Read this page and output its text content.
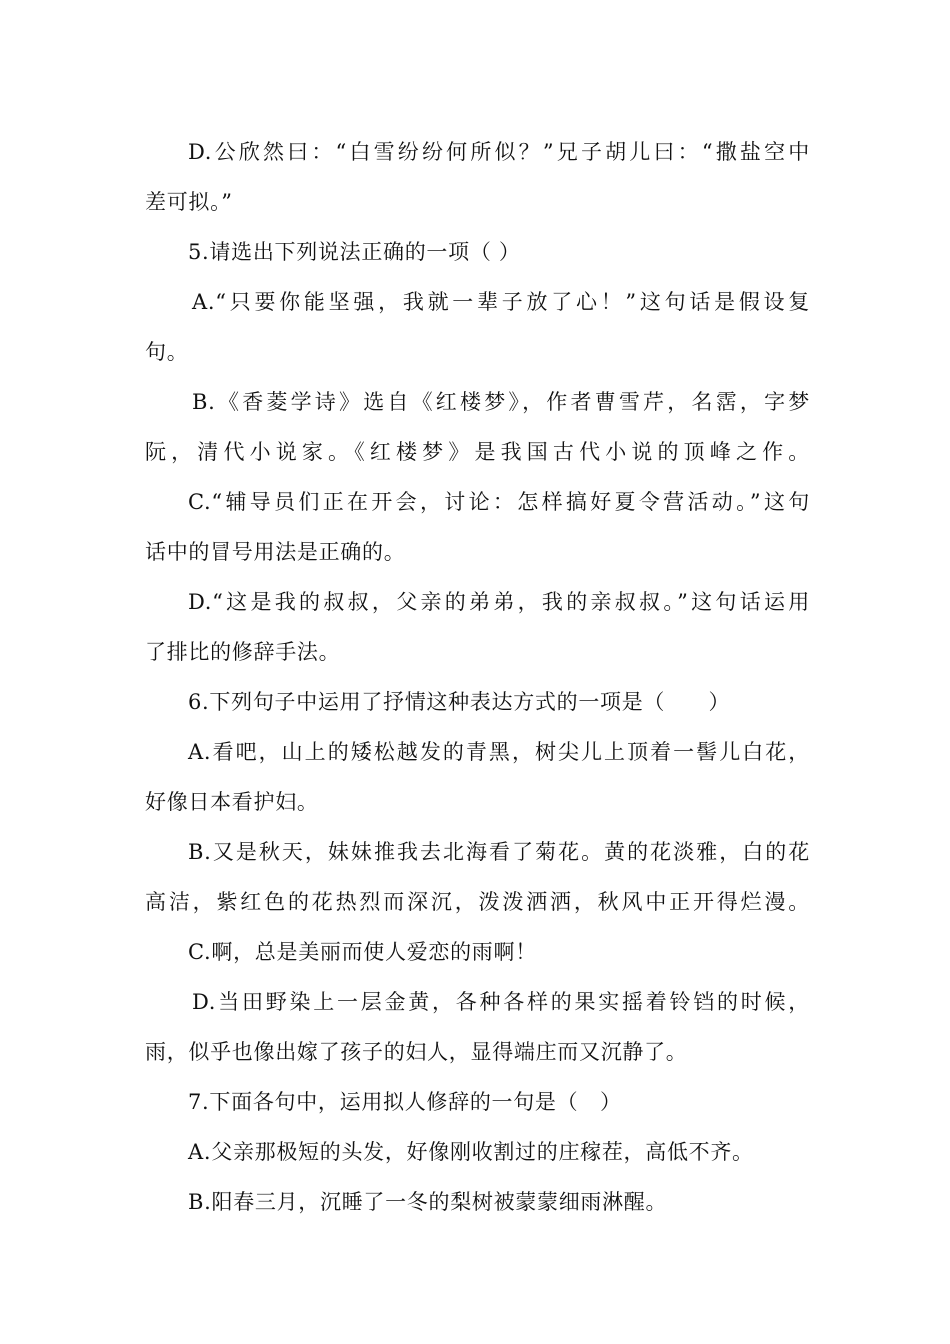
D.公欣然曰：“白雪纷纷何所似？”兄子胡儿曰：“撒盐空中
差可拟。”
5.请选出下列说法正确的一项（ ）
A.“只要你能坚强，我就一辈子放了心！”这句话是假设复
句。
B.《香菱学诗》选自《红楼梦》，作者曹雪芹，名霑，字梦
阮，清代小说家。《红楼梦》是我国古代小说的顶峰之作。
C.“辅导员们正在开会，讨论：怎样搞好夏令营活动。”这句
话中的冒号用法是正确的。
D.“这是我的叔叔，父亲的弟弟，我的亲叔叔。”这句话运用
了排比的修辞手法。
6.下列句子中运用了抒情这种表达方式的一项是（　　）
A.看吧，山上的矮松越发的青黑，树尖儿上顶着一髻儿白花，
好像日本看护妇。
B.又是秋天，妹妹推我去北海看了菊花。黄的花淡雅，白的花
高洁，紫红色的花热烈而深沉，泼泼洒洒，秋风中正开得烂漫。
C.啊，总是美丽而使人爱恋的雨啊！
D.当田野染上一层金黄，各种各样的果实摇着铃铛的时候，
雨，似乎也像出嫁了孩子的妇人，显得端庄而又沉静了。
7.下面各句中，运用拟人修辞的一句是（　）
A.父亲那极短的头发，好像刚收割过的庄稼茬，高低不齐。
B.阳春三月，沉睡了一冬的梨树被蒙蒙细雨淋醒。
